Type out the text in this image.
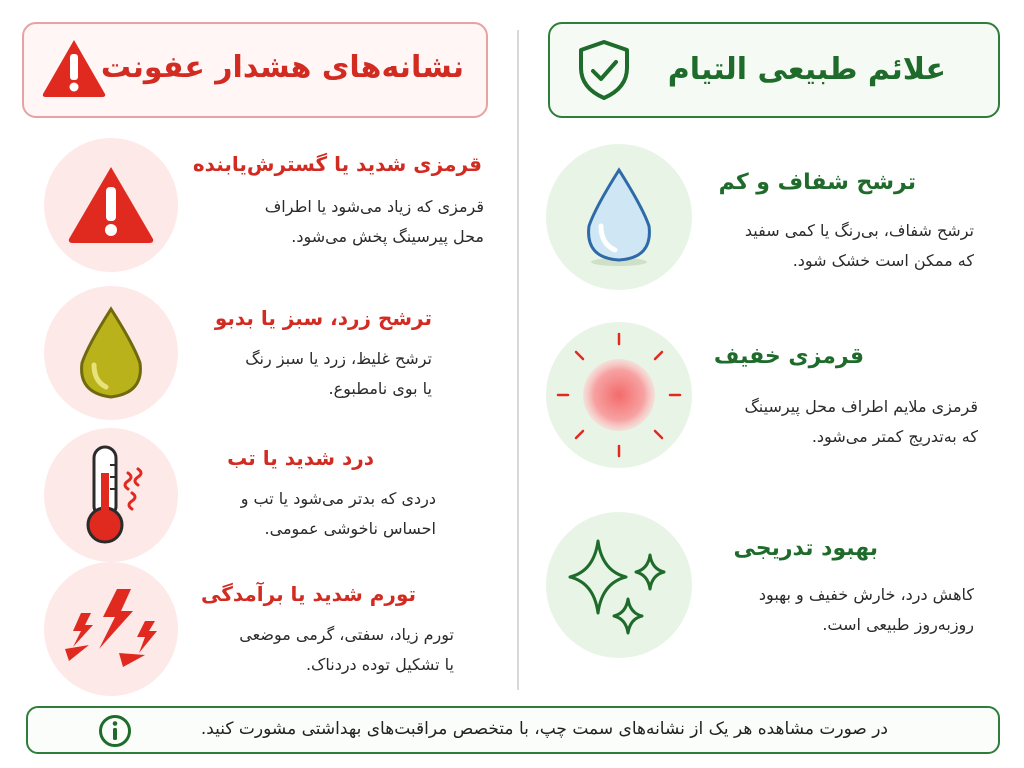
نشانه‌های هشدار عفونت	علائم طبیعی التیام
قرمزی شدید یا گسترش‌یابنده
قرمزی که زیاد می‌شود یا اطراف
محل پیرسینگ پخش می‌شود.
ترشح زرد، سبز یا بدبو
ترشح غلیظ، زرد یا سبز رنگ
یا بوی نامطبوع.
درد شدید یا تب
دردی که بدتر می‌شود یا تب و
احساس ناخوشی عمومی.
تورم شدید یا برآمدگی
تورم زیاد، سفتی، گرمی موضعی
یا تشکیل توده دردناک.
ترشح شفاف و کم
ترشح شفاف، بی‌رنگ یا کمی سفید
که ممکن است خشک شود.
قرمزی خفیف
قرمزی ملایم اطراف محل پیرسینگ
که به‌تدریج کمتر می‌شود.
بهبود تدریجی
کاهش درد، خارش خفیف و بهبود
روزبه‌روز طبیعی است.
در صورت مشاهده هر یک از نشانه‌های سمت چپ، با متخصص مراقبت‌های بهداشتی مشورت کنید.
